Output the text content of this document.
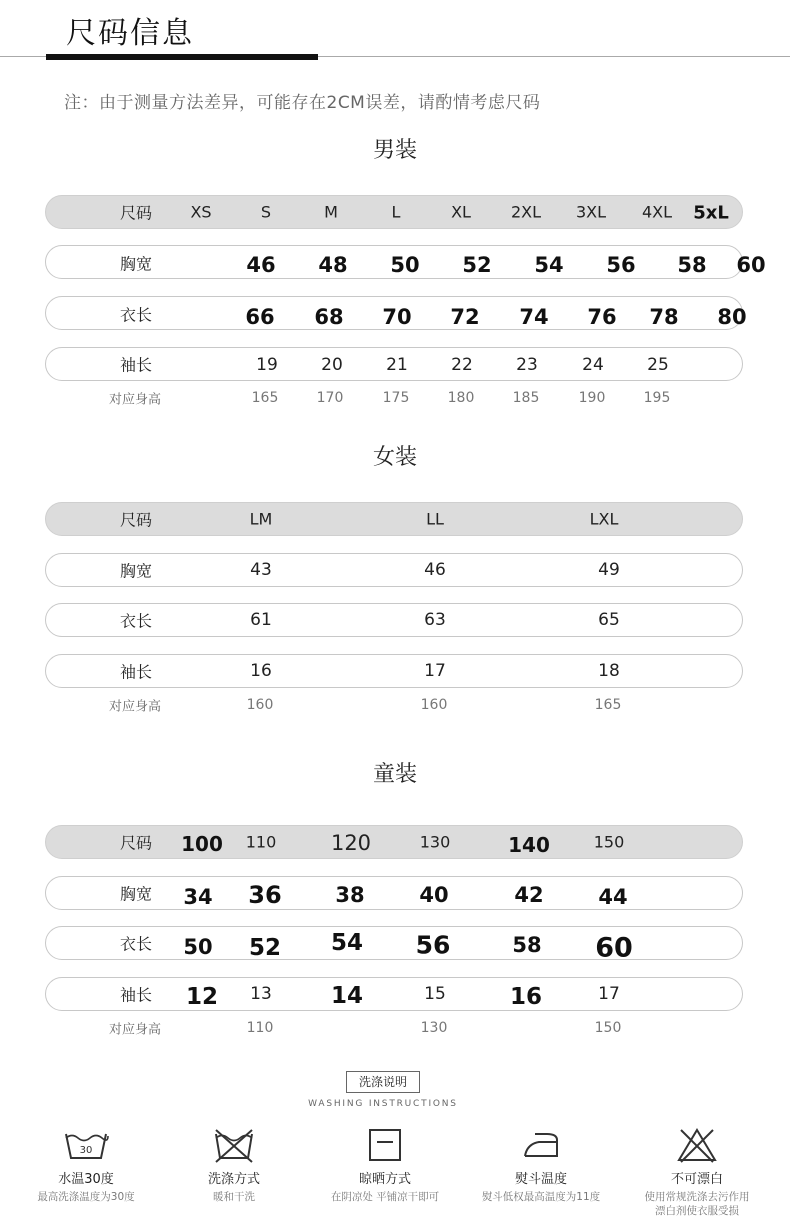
尺码信息
注：由于测量方法差异，可能存在2CM误差，请酌情考虑尺码
男装
尺码 XS	S	M	L	XL	2XL 3XL 4XL 5xL
胸宽	46 48 50 52 54 56 58 60
衣长	66 68 70 72 74 76 78 80
袖长	19	20	21	22	23	24	25
对应身高	165	170	175	180	185	190	195
女装
尺码	LM	LL	LXL
胸宽	43	46	49
衣长	61	63	65
袖长	16	17	18
对应身高	160	160	165
童装
尺码 100 110	120	130	140	150
胸宽 34 36	38	40	42	44
衣长 50 52 54 56	58 60
袖长 12 13	14	15	16	17
对应身高	110	130	150
洗涤说明
WASHING INSTRUCTIONS
30
水温30度
最高洗涤温度为30度
洗涤方式
暖和干洗
晾晒方式
在阴凉处 平铺凉干即可
熨斗温度
熨斗低权最高温度为11度
不可漂白
使用常规洗涤去污作用
漂白剂使衣服受损
